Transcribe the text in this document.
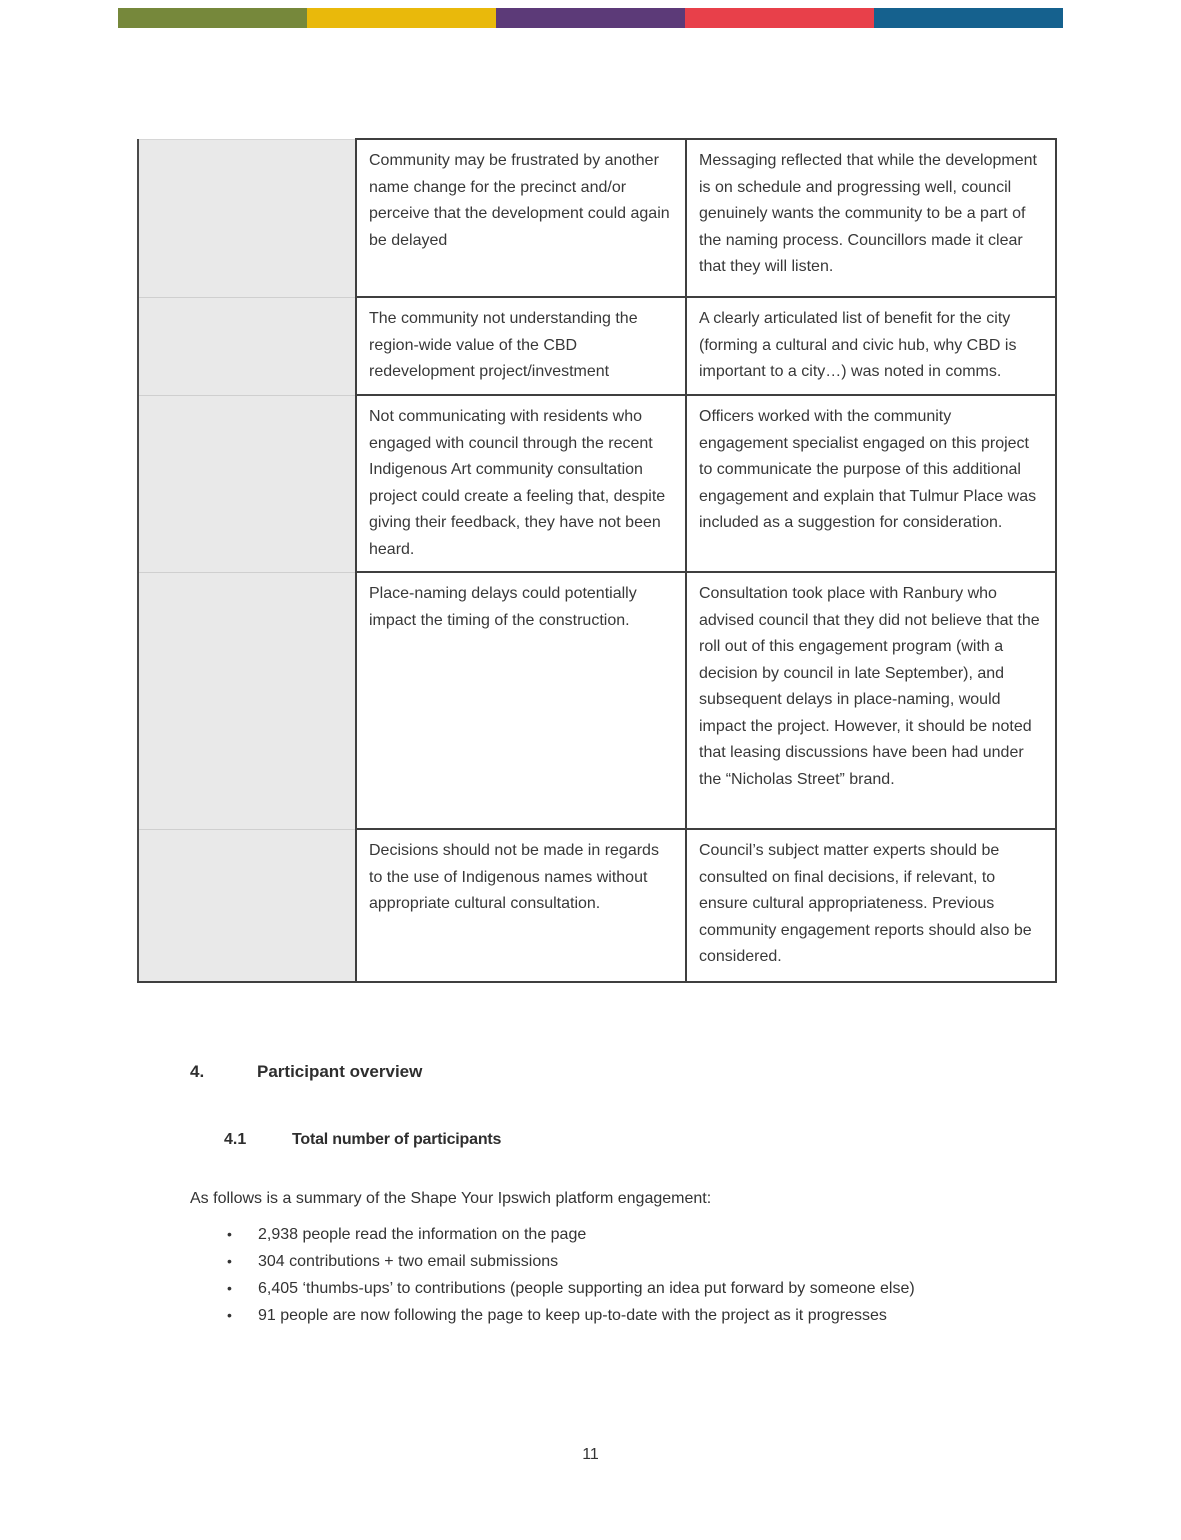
	Community may be frustrated by another name change for the precinct and/or perceive that the development could again be delayed	Messaging reflected that while the development is on schedule and progressing well, council genuinely wants the community to be a part of the naming process. Councillors made it clear that they will listen.
	The community not understanding the region-wide value of the CBD redevelopment project/investment	A clearly articulated list of benefit for the city (forming a cultural and civic hub, why CBD is important to a city…) was noted in comms.
	Not communicating with residents who engaged with council through the recent Indigenous Art community consultation project could create a feeling that, despite giving their feedback, they have not been heard.	Officers worked with the community engagement specialist engaged on this project to communicate the purpose of this additional engagement and explain that Tulmur Place was included as a suggestion for consideration.
	Place-naming delays could potentially impact the timing of the construction.	Consultation took place with Ranbury who advised council that they did not believe that the roll out of this engagement program (with a decision by council in late September), and subsequent delays in place-naming, would impact the project. However, it should be noted that leasing discussions have been had under the “Nicholas Street” brand.
	Decisions should not be made in regards to the use of Indigenous names without appropriate cultural consultation.	Council’s subject matter experts should be consulted on final decisions, if relevant, to ensure cultural appropriateness. Previous community engagement reports should also be considered.
4.	Participant overview
4.1	Total number of participants

As follows is a summary of the Shape Your Ipswich platform engagement:

• 2,938 people read the information on the page
• 304 contributions + two email submissions
• 6,405 ‘thumbs-ups’ to contributions (people supporting an idea put forward by someone else)
• 91 people are now following the page to keep up-to-date with the project as it progresses
11
